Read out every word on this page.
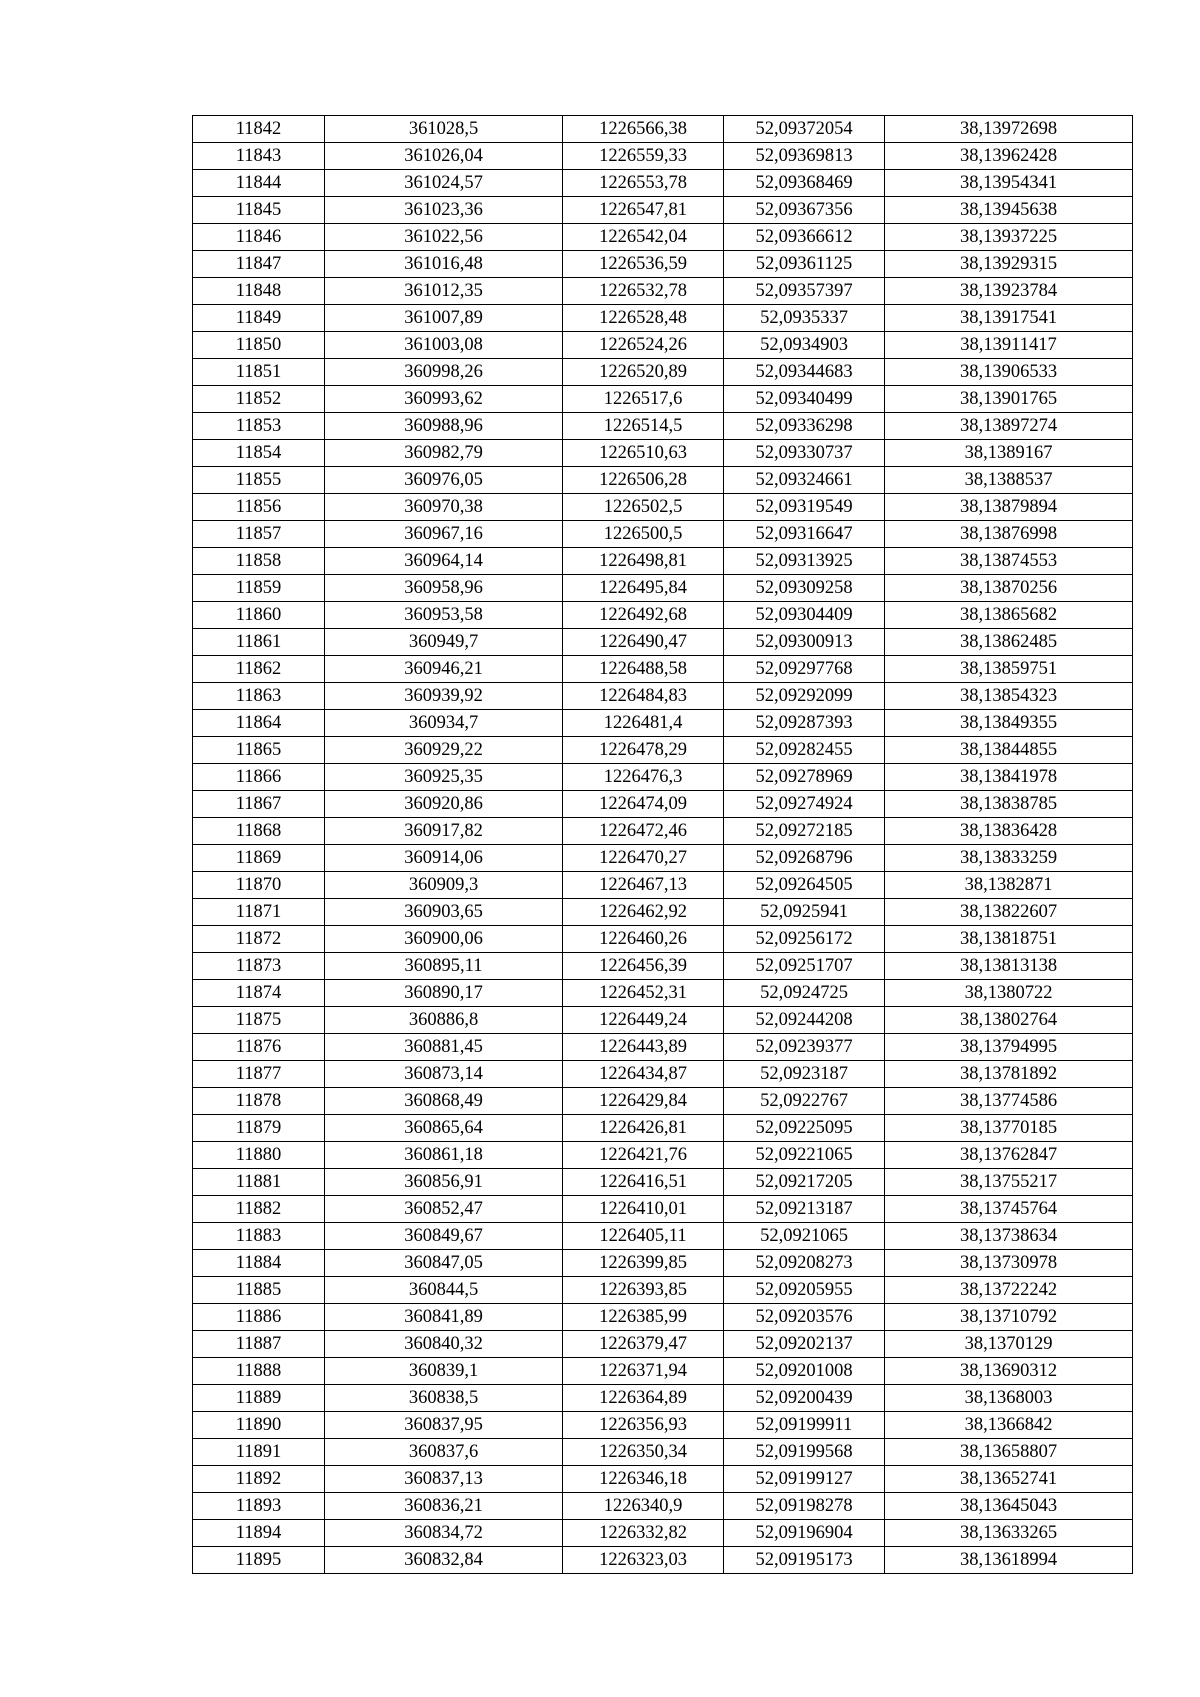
11842	361028,5	1226566,38	52,09372054	38,13972698
11843	361026,04	1226559,33	52,09369813	38,13962428
11844	361024,57	1226553,78	52,09368469	38,13954341
11845	361023,36	1226547,81	52,09367356	38,13945638
11846	361022,56	1226542,04	52,09366612	38,13937225
11847	361016,48	1226536,59	52,09361125	38,13929315
11848	361012,35	1226532,78	52,09357397	38,13923784
11849	361007,89	1226528,48	52,0935337	38,13917541
11850	361003,08	1226524,26	52,0934903	38,13911417
11851	360998,26	1226520,89	52,09344683	38,13906533
11852	360993,62	1226517,6	52,09340499	38,13901765
11853	360988,96	1226514,5	52,09336298	38,13897274
11854	360982,79	1226510,63	52,09330737	38,1389167
11855	360976,05	1226506,28	52,09324661	38,1388537
11856	360970,38	1226502,5	52,09319549	38,13879894
11857	360967,16	1226500,5	52,09316647	38,13876998
11858	360964,14	1226498,81	52,09313925	38,13874553
11859	360958,96	1226495,84	52,09309258	38,13870256
11860	360953,58	1226492,68	52,09304409	38,13865682
11861	360949,7	1226490,47	52,09300913	38,13862485
11862	360946,21	1226488,58	52,09297768	38,13859751
11863	360939,92	1226484,83	52,09292099	38,13854323
11864	360934,7	1226481,4	52,09287393	38,13849355
11865	360929,22	1226478,29	52,09282455	38,13844855
11866	360925,35	1226476,3	52,09278969	38,13841978
11867	360920,86	1226474,09	52,09274924	38,13838785
11868	360917,82	1226472,46	52,09272185	38,13836428
11869	360914,06	1226470,27	52,09268796	38,13833259
11870	360909,3	1226467,13	52,09264505	38,1382871
11871	360903,65	1226462,92	52,0925941	38,13822607
11872	360900,06	1226460,26	52,09256172	38,13818751
11873	360895,11	1226456,39	52,09251707	38,13813138
11874	360890,17	1226452,31	52,0924725	38,1380722
11875	360886,8	1226449,24	52,09244208	38,13802764
11876	360881,45	1226443,89	52,09239377	38,13794995
11877	360873,14	1226434,87	52,0923187	38,13781892
11878	360868,49	1226429,84	52,0922767	38,13774586
11879	360865,64	1226426,81	52,09225095	38,13770185
11880	360861,18	1226421,76	52,09221065	38,13762847
11881	360856,91	1226416,51	52,09217205	38,13755217
11882	360852,47	1226410,01	52,09213187	38,13745764
11883	360849,67	1226405,11	52,0921065	38,13738634
11884	360847,05	1226399,85	52,09208273	38,13730978
11885	360844,5	1226393,85	52,09205955	38,13722242
11886	360841,89	1226385,99	52,09203576	38,13710792
11887	360840,32	1226379,47	52,09202137	38,1370129
11888	360839,1	1226371,94	52,09201008	38,13690312
11889	360838,5	1226364,89	52,09200439	38,1368003
11890	360837,95	1226356,93	52,09199911	38,1366842
11891	360837,6	1226350,34	52,09199568	38,13658807
11892	360837,13	1226346,18	52,09199127	38,13652741
11893	360836,21	1226340,9	52,09198278	38,13645043
11894	360834,72	1226332,82	52,09196904	38,13633265
11895	360832,84	1226323,03	52,09195173	38,13618994
